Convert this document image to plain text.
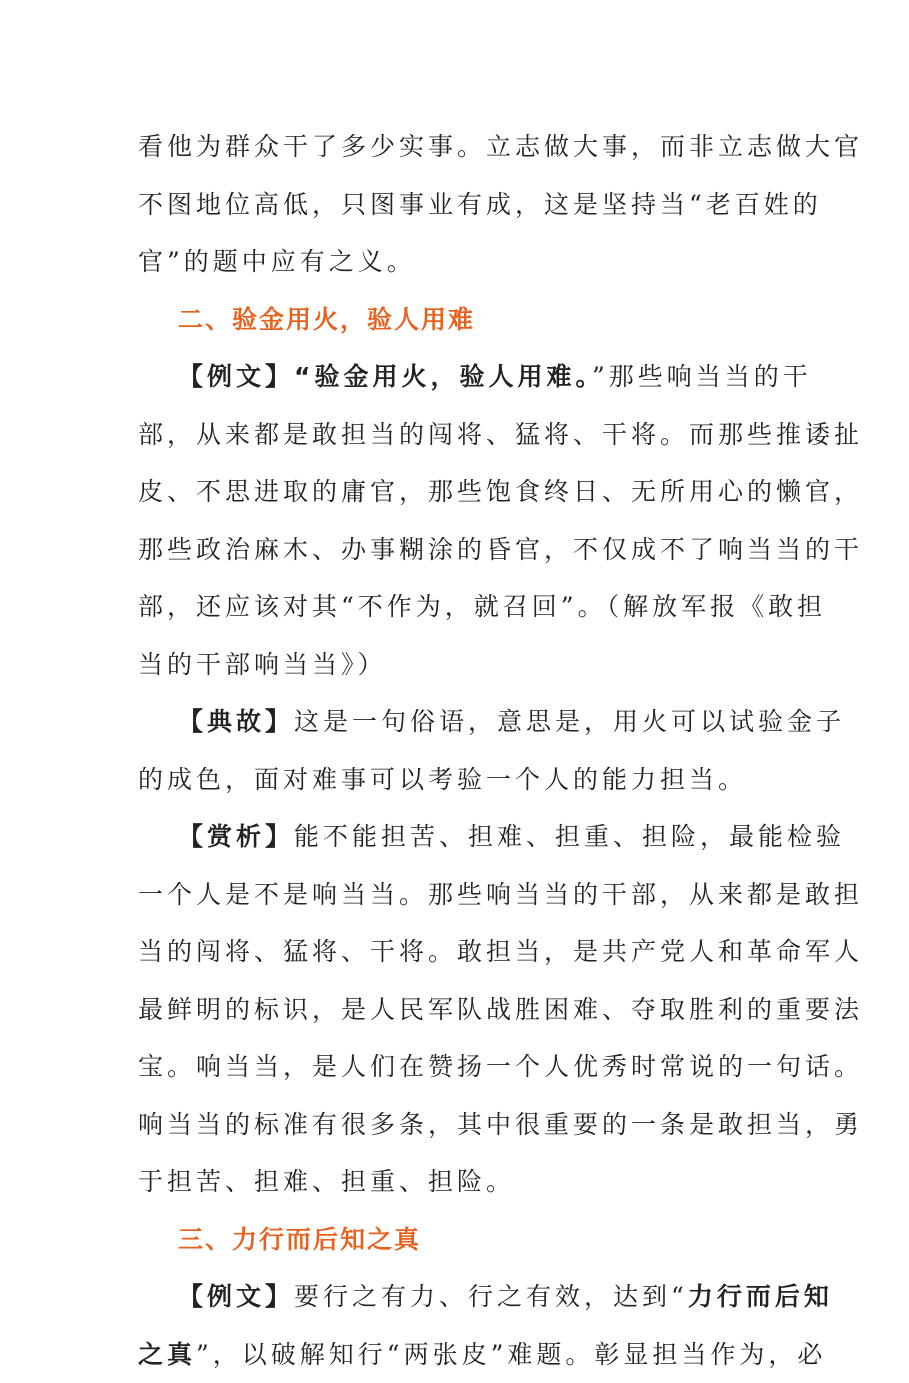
看他为群众干了多少实事。立志做大事，而非立志做大官
不图地位高低，只图事业有成，这是坚持当“老百姓的
官”的题中应有之义。
二、验金用火，验人用难
【例文】“验金用火，验人用难。”那些响当当的干
部，从来都是敢担当的闯将、猛将、干将。而那些推诿扯
皮、不思进取的庸官，那些饱食终日、无所用心的懒官，
那些政治麻木、办事糊涂的昏官，不仅成不了响当当的干
部，还应该对其“不作为，就召回”。（解放军报《敢担
当的干部响当当》）
【典故】这是一句俗语，意思是，用火可以试验金子
的成色，面对难事可以考验一个人的能力担当。
【赏析】能不能担苦、担难、担重、担险，最能检验
一个人是不是响当当。那些响当当的干部，从来都是敢担
当的闯将、猛将、干将。敢担当，是共产党人和革命军人
最鲜明的标识，是人民军队战胜困难、夺取胜利的重要法
宝。响当当，是人们在赞扬一个人优秀时常说的一句话。
响当当的标准有很多条，其中很重要的一条是敢担当，勇
于担苦、担难、担重、担险。
三、力行而后知之真
【例文】要行之有力、行之有效，达到“力行而后知
之真”，以破解知行“两张皮”难题。彰显担当作为，必
